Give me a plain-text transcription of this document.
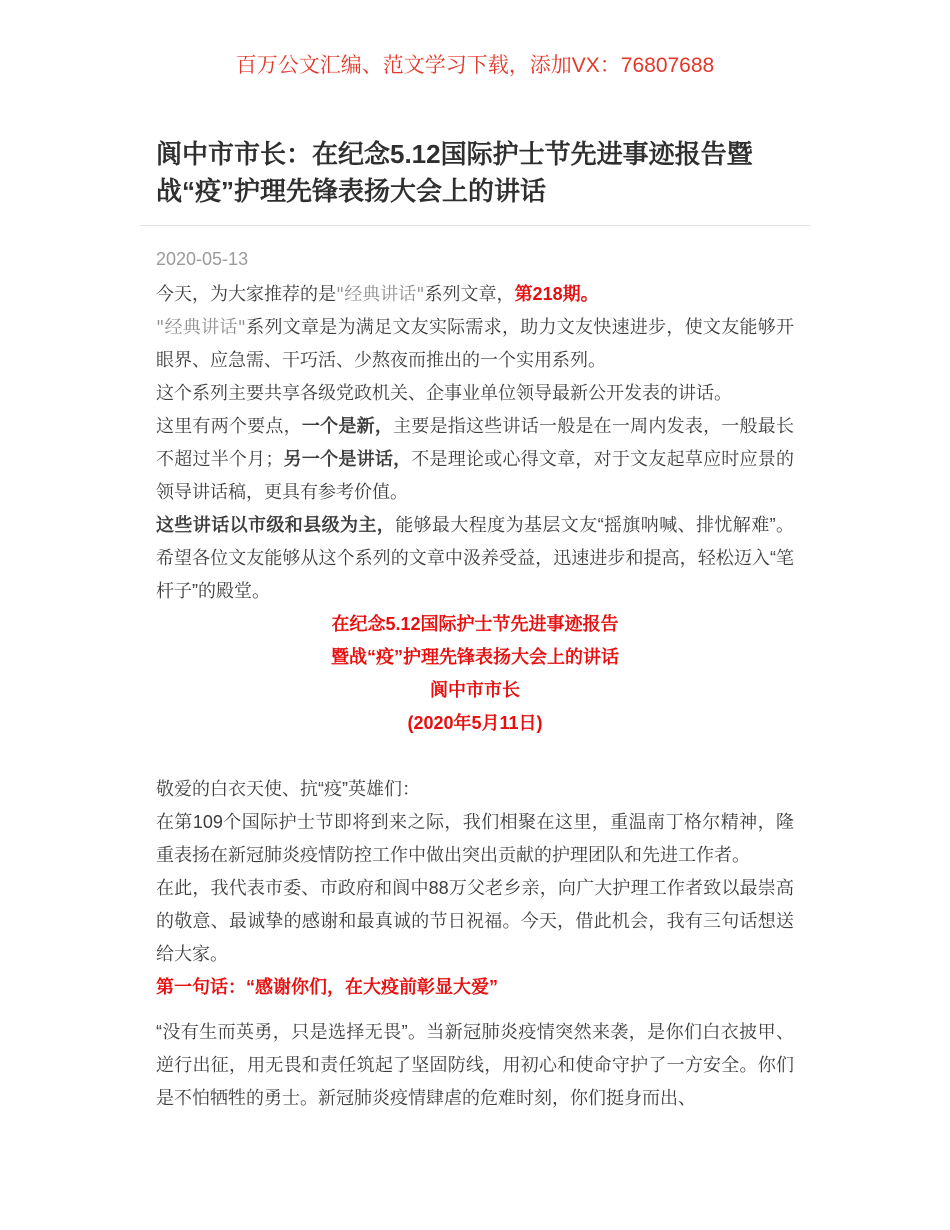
百万公文汇编、范文学习下载，添加VX：76807688
阆中市市长：在纪念5.12国际护士节先进事迹报告暨战“疫”护理先锋表扬大会上的讲话
2020-05-13

今天，为大家推荐的是"经典讲话"系列文章，第218期。

"经典讲话"系列文章是为满足文友实际需求，助力文友快速进步，使文友能够开眼界、应急需、干巧活、少熬夜而推出的一个实用系列。

这个系列主要共享各级党政机关、企事业单位领导最新公开发表的讲话。

这里有两个要点，一个是新，主要是指这些讲话一般是在一周内发表，一般最长不超过半个月；另一个是讲话，不是理论或心得文章，对于文友起草应时应景的领导讲话稿，更具有参考价值。

这些讲话以市级和县级为主，能够最大程度为基层文友“摇旗呐喊、排忧解难”。希望各位文友能够从这个系列的文章中汲养受益，迅速进步和提高，轻松迈入“笔杆子”的殿堂。

在纪念5.12国际护士节先进事迹报告

暨战“疫”护理先锋表扬大会上的讲话

阆中市市长

(2020年5月11日)

敬爱的白衣天使、抗“疫”英雄们：

在第109个国际护士节即将到来之际，我们相聚在这里，重温南丁格尔精神，隆重表扬在新冠肺炎疫情防控工作中做出突出贡献的护理团队和先进工作者。

在此，我代表市委、市政府和阆中88万父老乡亲，向广大护理工作者致以最崇高的敬意、最诚挚的感谢和最真诚的节日祝福。今天，借此机会，我有三句话想送给大家。

第一句话：“感谢你们，在大疫前彰显大爱”

“没有生而英勇，只是选择无畏”。当新冠肺炎疫情突然来袭，是你们白衣披甲、逆行出征，用无畏和责任筑起了坚固防线，用初心和使命守护了一方安全。你们是不怕牺牲的勇士。新冠肺炎疫情肆虐的危难时刻，你们挺身而出、
